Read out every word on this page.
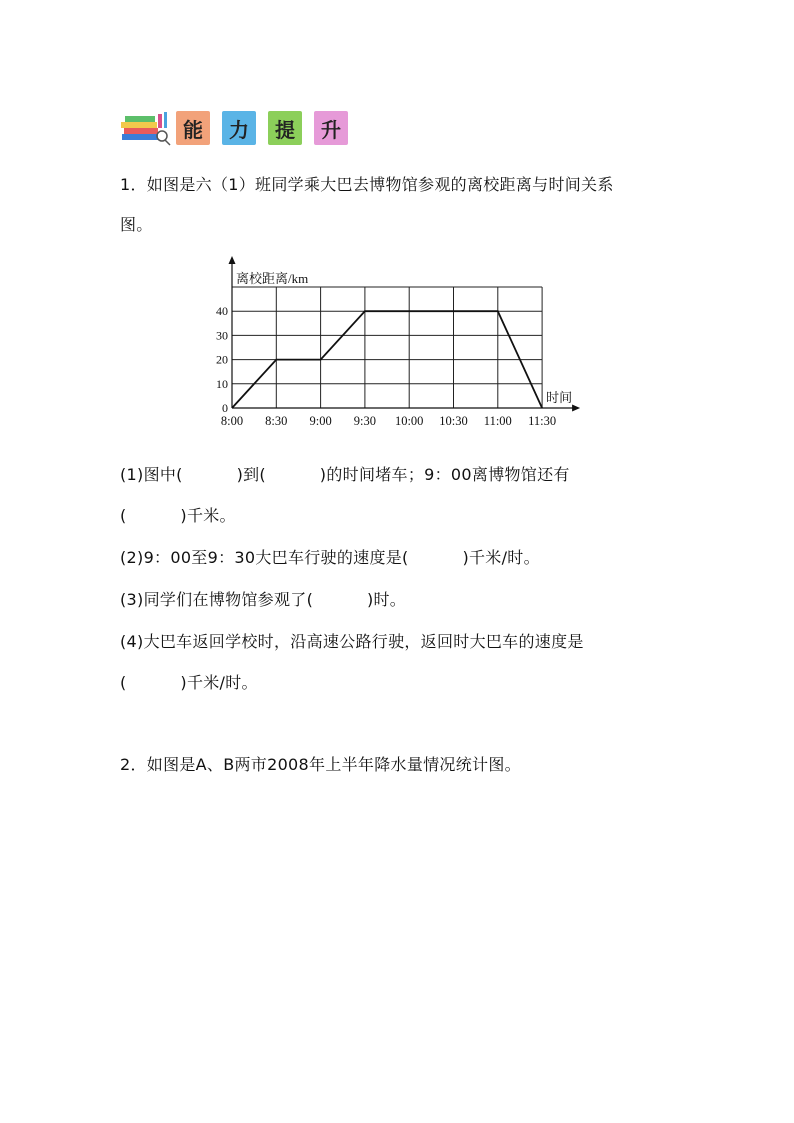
能	力	提	升
1．如图是六（1）班同学乘大巴去博物馆参观的离校距离与时间关系
图。
离校距离/km
时间
0
10
20
30
40
8:00 8:30 9:00 9:30 10:00 10:30 11:00 11:30
(1)图中(          )到(          )的时间堵车；9：00离博物馆还有
(          )千米。
(2)9：00至9：30大巴车行驶的速度是(          )千米/时。
(3)同学们在博物馆参观了(          )时。
(4)大巴车返回学校时，沿高速公路行驶，返回时大巴车的速度是
(          )千米/时。
2．如图是A、B两市2008年上半年降水量情况统计图。
